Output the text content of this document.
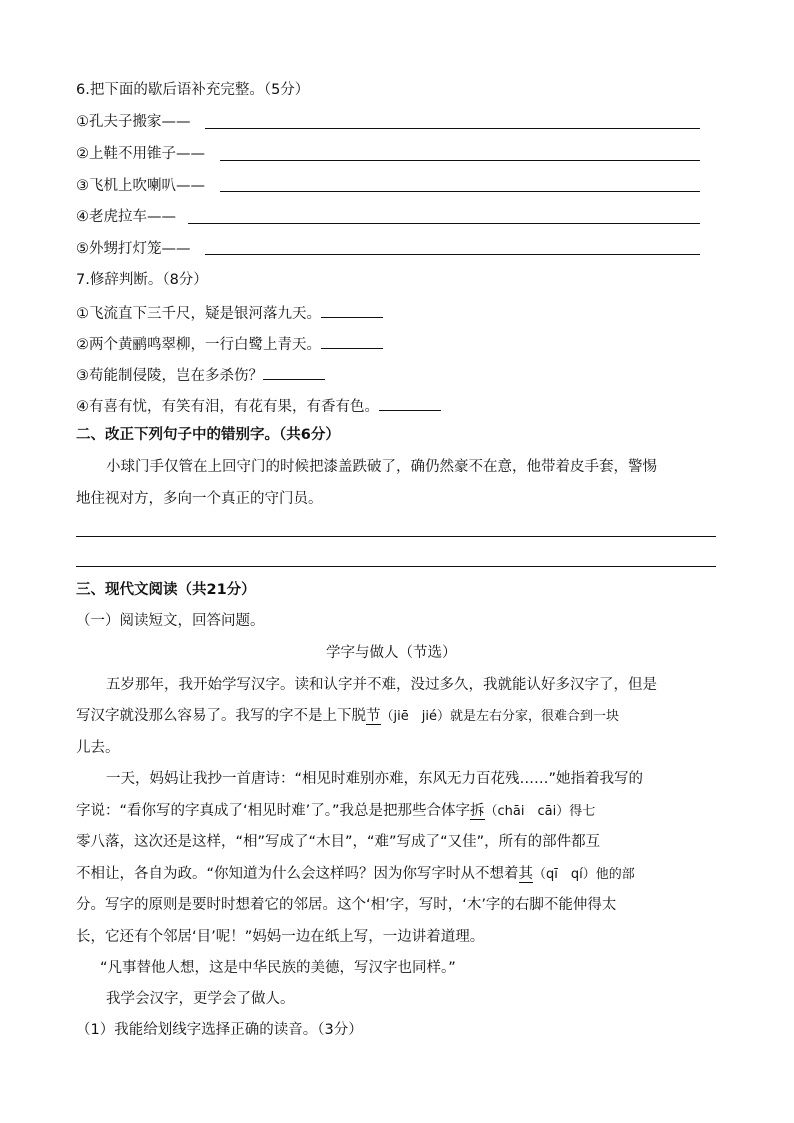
6.把下面的歇后语补充完整。（5分）
①孔夫子搬家——
②上鞋不用锥子——
③飞机上吹喇叭——
④老虎拉车——
⑤外甥打灯笼——
7.修辞判断。（8分）
①飞流直下三千尺，疑是银河落九天。
②两个黄鹂鸣翠柳，一行白鹭上青天。
③苟能制侵陵，岂在多杀伤？
④有喜有忧，有笑有泪，有花有果，有香有色。
二、改正下列句子中的错别字。（共6分）
小球门手仅管在上回守门的时候把漆盖跌破了，确仍然豪不在意，他带着皮手套，警惕
地住视对方，多向一个真正的守门员。
三、现代文阅读（共21分）
（一）阅读短文，回答问题。
学字与做人（节选）
五岁那年，我开始学写汉字。读和认字并不难，没过多久，我就能认好多汉字了，但是
写汉字就没那么容易了。我写的字不是上下脱节（jiē　jié）就是左右分家，很难合到一块
儿去。
一天，妈妈让我抄一首唐诗：“相见时难别亦难，东风无力百花残……”她指着我写的
字说：“看你写的字真成了‘相见时难’了。”我总是把那些合体字拆（chāi　cāi）得七
零八落，这次还是这样，“相”写成了“木目”，“难”写成了“又佳”，所有的部件都互
不相让，各自为政。“你知道为什么会这样吗？因为你写字时从不想着其（qī　qí）他的部
分。写字的原则是要时时想着它的邻居。这个‘相’字，写时，‘木’字的右脚不能伸得太
长，它还有个邻居‘目’呢！”妈妈一边在纸上写，一边讲着道理。
“凡事替他人想，这是中华民族的美德，写汉字也同样。”
我学会汉字，更学会了做人。
（1）我能给划线字选择正确的读音。（3分）
